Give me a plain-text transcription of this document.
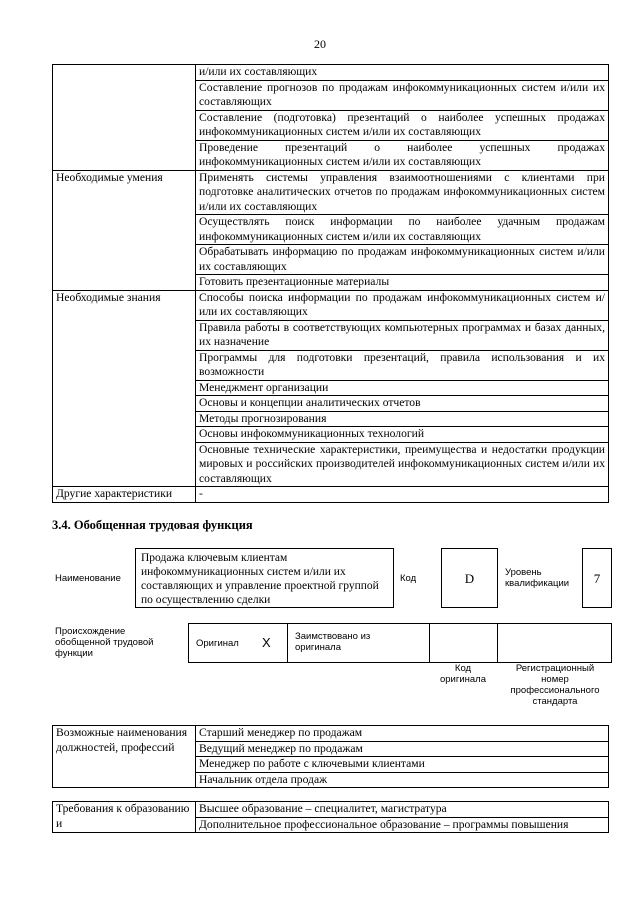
20
	и/или их составляющих
	Составление прогнозов по продажам инфокоммуникационных систем и/или их составляющих
	Составление (подготовка) презентаций о наиболее успешных продажах инфокоммуникационных систем и/или их составляющих
	Проведение презентаций о наиболее успешных продажах инфокоммуникационных систем и/или их составляющих
Необходимые умения	Применять системы управления взаимоотношениями с клиентами при подготовке аналитических отчетов по продажам инфокоммуникационных систем и/или их составляющих
	Осуществлять поиск информации по наиболее удачным продажам инфокоммуникационных систем и/или их составляющих
	Обрабатывать информацию по продажам инфокоммуникационных систем и/или их составляющих
	Готовить презентационные материалы
Необходимые знания	Способы поиска информации по продажам инфокоммуникационных систем и/или их составляющих
	Правила работы в соответствующих компьютерных программах и базах данных, их назначение
	Программы для подготовки презентаций, правила использования и их возможности
	Менеджмент организации
	Основы и концепции аналитических отчетов
	Методы прогнозирования
	Основы инфокоммуникационных технологий
	Основные технические характеристики, преимущества и недостатки продукции мировых и российских производителей инфокоммуникационных систем и/или их составляющих
Другие характеристики	-
3.4. Обобщенная трудовая функция
Наименование
Продажа ключевым клиентам инфокоммуникационных систем и/или их составляющих и управление проектной группой по осуществлению сделки
Код	D	Уровень квалификации	7
Происхождение обобщенной трудовой функции
Оригинал X	Заимствовано из оригинала
Код оригинала
Регистрационный номер профессионального стандарта
Возможные наименования должностей, профессий	Старший менеджер по продажам
Ведущий менеджер по продажам
Менеджер по работе с ключевыми клиентами
Начальник отдела продаж
Требования к образованию и	Высшее образование – специалитет, магистратура
Дополнительное профессиональное образование – программы повышения
